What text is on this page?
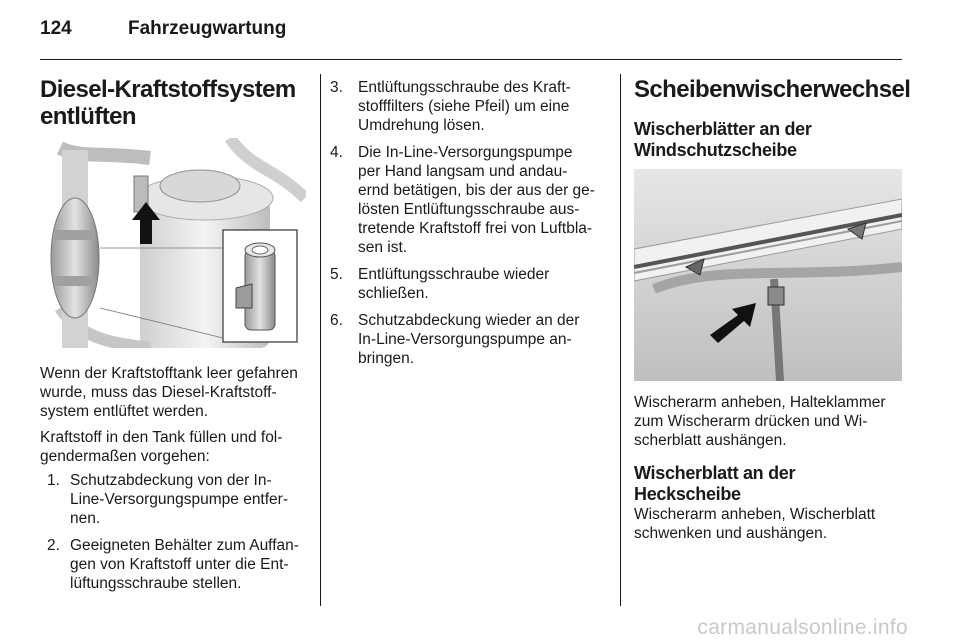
124	Fahrzeugwartung
Diesel-Kraftstoffsystem
entlüften

Wenn der Kraftstofftank leer gefahren
wurde, muss das Diesel-Kraftstoff-
system entlüftet werden.

Kraftstoff in den Tank füllen und fol-
gendermaßen vorgehen:

1. Schutzabdeckung von der In-
Line-Versorgungspumpe entfer-
nen.
2. Geeigneten Behälter zum Auffan-
gen von Kraftstoff unter die Ent-
lüftungsschraube stellen.
3. Entlüftungsschraube des Kraft-
stofffilters (siehe Pfeil) um eine
Umdrehung lösen.
4. Die In-Line-Versorgungspumpe
per Hand langsam und andau-
ernd betätigen, bis der aus der ge-
lösten Entlüftungsschraube aus-
tretende Kraftstoff frei von Luftbla-
sen ist.
5. Entlüftungsschraube wieder
schließen.
6. Schutzabdeckung wieder an der
In-Line-Versorgungspumpe an-
bringen.
Scheibenwischerwechsel
Wischerblätter an der
Windschutzscheibe

Wischerarm anheben, Halteklammer
zum Wischerarm drücken und Wi-
scherblatt aushängen.

Wischerblatt an der
Heckscheibe

Wischerarm anheben, Wischerblatt
schwenken und aushängen.

carmanualsonline.info
